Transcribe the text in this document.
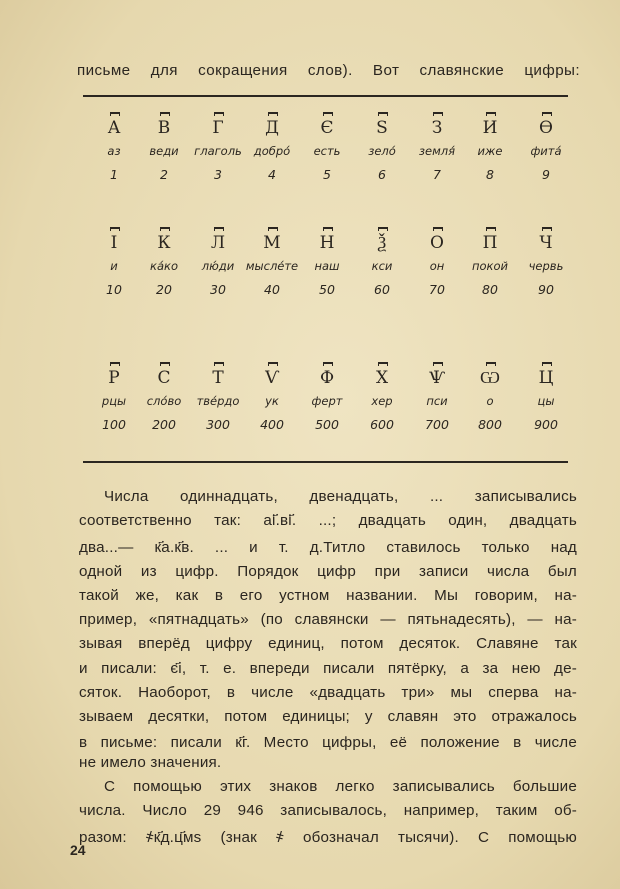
письме для сокращения слов). Вот славянские цифры:
А
аз
1
В
веди
2
Г
глаголь
3
Д
добро́
4
Є
есть
5
Ѕ
зело́
6
З
земля́
7
И
иже
8
Ѳ
фита́
9
І
и
10
К
ка́ко
20
Л
лю́ди
30
М
мысле́те
40
Н
наш
50
Ѯ
кси
60
О
он
70
П
покой
80
Ч
червь
90
Р
рцы
100
С
сло́во
200
Т
тве́рдо
300
Ѵ
ук
400
Ф
ферт
500
Х
хер
600
Ѱ
пси
700
Ѡ
о
800
Ц
цы
900
Числа одиннадцать, двенадцать, ... записывались
соответственно так: аі҃.ві҃. ...; двадцать один, двадцать
два...— к҃а.к҃в. ... и т. д.Титло ставилось только над
одной из цифр. Порядок цифр при записи числа был
такой же, как в его устном названии. Мы говорим, на-
пример, «пятнадцать» (по славянски — пятьнадесять), — на-
зывая вперёд цифру единиц, потом десяток. Славяне так
и писали: є҃і, т. е. впереди писали пятёрку, а за нею де-
сяток. Наоборот, в числе «двадцать три» мы сперва на-
зываем десятки, потом единицы; у славян это отражалось
в письме: писали к҃г. Место цифры, её положение в числе
не имело значения.
С помощью этих знаков легко записывались большие
числа. Число 29 946 записывалось, например, таким об-
разом: ҂к҃д.ц҃мѕ (знак ҂ обозначал тысячи). С помощью
24
